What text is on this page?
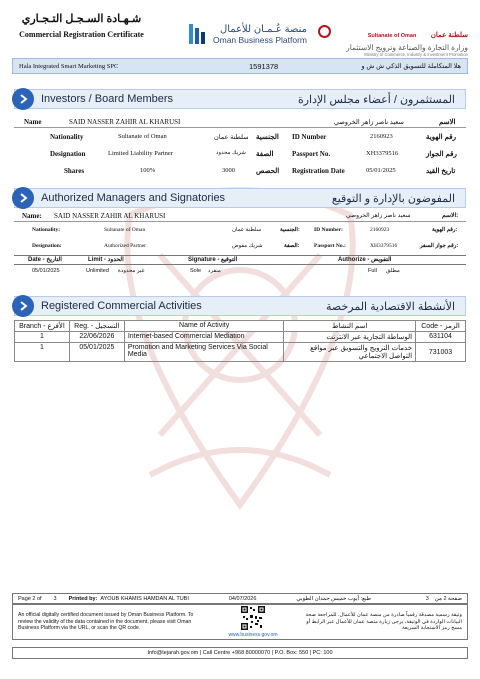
شـهـادة السـجـل التـجـاري
Commercial Registration Certificate	منصة عُـمـان للأعمال
Oman Business Platform	Sultanate of Oman سلطنة عمان
وزارة التجارة والصناعة وترويج الاستثمار
Ministry of Commerce, Industry & Investment Promotion
Hala Integrated Smart Marketing SPC	1591378	هلا المتكاملة للتسويق الذكي ش ش و
Investors / Board Members	المستثمرون / أعضاء مجلس الإدارة
Name	SAID NASSER ZAHIR AL KHARUSI	سعيد ناصر زاهر الخروصي	الاسم
Nationality	Sultanate of Oman	سلطنة عمان الجنسية ID Number	2160923	رقم الهوية
Designation	Limited Liability Partner	شريك محدود الصفة	Passport No.	XH3379516	رقم الجواز
Shares	100%	3000	الحصص Registration Date	05/01/2025	تاريخ القيد
Authorized Managers and Signatories	المفوضون بالإدارة و التوقيع
Name: SAID NASSER ZAHIR AL KHARUSI	سعيد ناصر زاهر الخروصي	الاسم:
Nationality:	Sultanate of Oman	سلطنة عمان	الجنسية:	ID Number:	2160923	رقم الهوية:
Designation:	Authorized Partner	شريك مفوض	الصفة:	Passport No.:	XH3379516	رقم جواز السفر:
Date - التاريخ	Limit - الحدود	Signature - التوقيع	Authorize - التفويض
05/01/2025	Unlimited غير محدودة	Sole منفرد	Full مطلق
Registered Commercial Activities	الأنشطة الاقتصادية المرخصة
Branch - الأفرع	Reg. - التسجيل	Name of Activity	اسم النشاط	Code - الرمز
1	22/06/2026	Internet-based Commercial Mediation	الوساطة التجارية عبر الانترنت	631104
1	05/01/2025	Promotion and Marketing Services Via Social Media	خدمات الترويج والتسويق عبر مواقع التواصل الاجتماعي	731003
Page 2 of 3 Printed by: AYOUB KHAMIS HAMDAN AL TUBI	04/07/2026	طبع: أيوب خميس حمدان الطوبي	3 صفحة 2 من
An official digitally certified document issued by Oman Business Platform. To review the validity of the data contained in the document, please visit Oman Business Platform via the URL, or scan the QR code.
www.business.gov.om
وثيقة رسمية مصدقة رقمياً صادرة من منصة عمان للأعمال. للمراجعة صحة البيانات الواردة في الوثيقة، يرجى زيارة منصة عمان للأعمال عبر الرابط أو مسح رمز الاستجابة السريعة
Info@tejarah.gov.om | Call Centre +968 80000070 | P.O. Box: 550 | PC: 100
